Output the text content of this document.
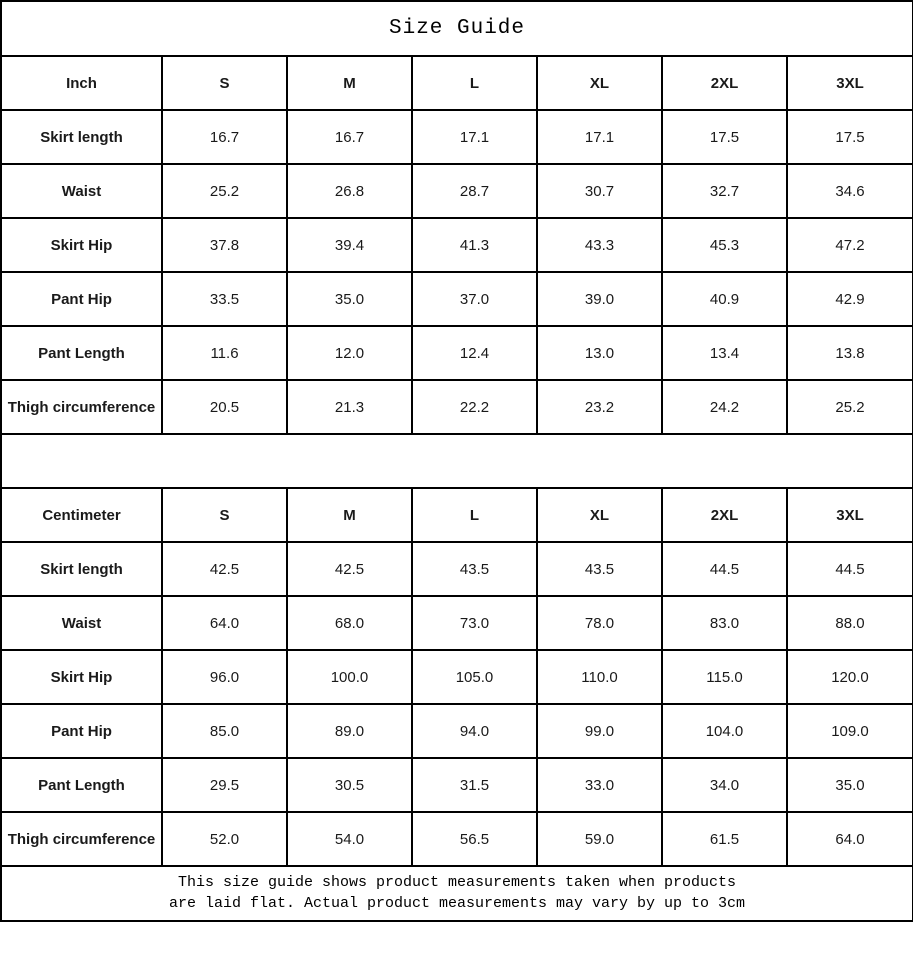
Size Guide						
Inch	S	M	L	XL	2XL	3XL
Skirt length	16.7	16.7	17.1	17.1	17.5	17.5
Waist	25.2	26.8	28.7	30.7	32.7	34.6
Skirt Hip	37.8	39.4	41.3	43.3	45.3	47.2
Pant Hip	33.5	35.0	37.0	39.0	40.9	42.9
Pant Length	11.6	12.0	12.4	13.0	13.4	13.8
Thigh circumference	20.5	21.3	22.2	23.2	24.2	25.2

Centimeter	S	M	L	XL	2XL	3XL
Skirt length	42.5	42.5	43.5	43.5	44.5	44.5
Waist	64.0	68.0	73.0	78.0	83.0	88.0
Skirt Hip	96.0	100.0	105.0	110.0	115.0	120.0
Pant Hip	85.0	89.0	94.0	99.0	104.0	109.0
Pant Length	29.5	30.5	31.5	33.0	34.0	35.0
Thigh circumference	52.0	54.0	56.5	59.0	61.5	64.0

This size guide shows product measurements taken when products
are laid flat. Actual product measurements may vary by up to 3cm						
